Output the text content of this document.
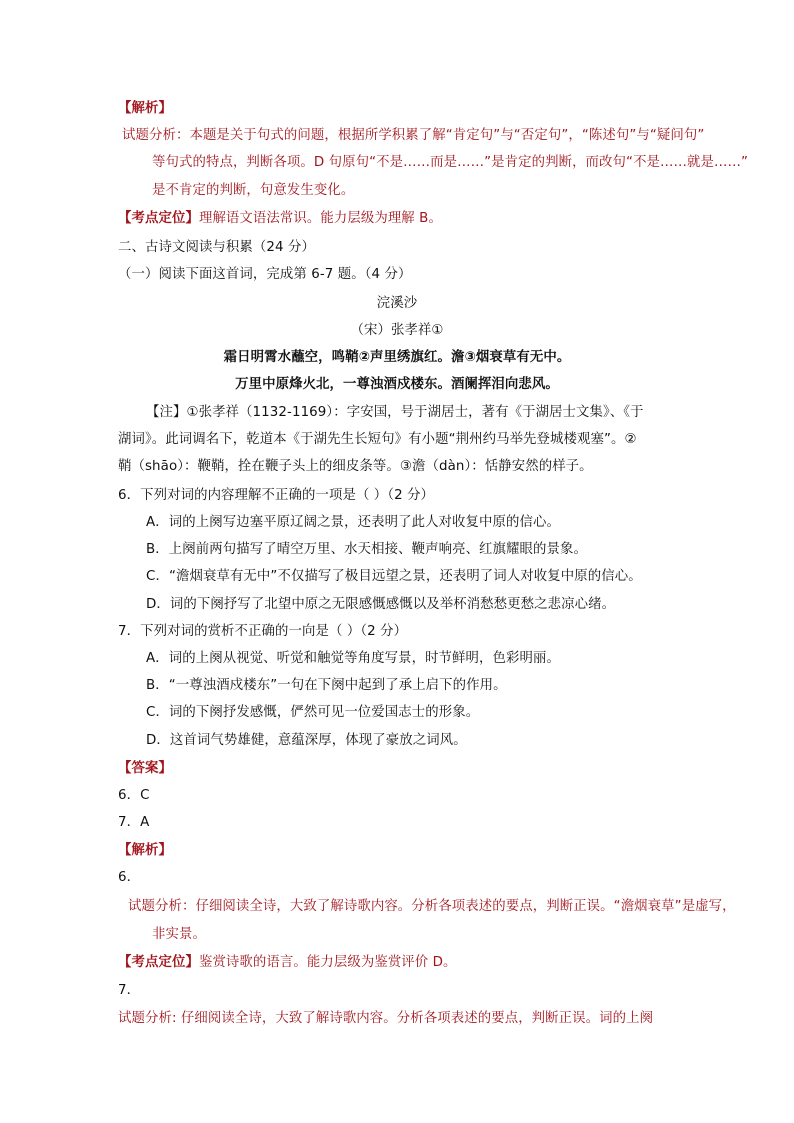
【解析】
试题分析：本题是关于句式的问题，根据所学积累了解“肯定句”与“否定句”，“陈述句”与“疑问句”
等句式的特点，判断各项。D 句原句“不是……而是……”是肯定的判断，而改句“不是……就是……”
是不肯定的判断，句意发生变化。
【考点定位】理解语文语法常识。能力层级为理解 B。
二、古诗文阅读与积累（24 分）
（一）阅读下面这首词，完成第 6-7 题。（4 分）
浣溪沙
（宋）张孝祥①
霜日明霄水蘸空，鸣鞘②声里绣旗红。澹③烟衰草有无中。
万里中原烽火北，一尊浊酒戍楼东。酒阑挥泪向悲风。
【注】①张孝祥（1132-1169）：字安国，号于湖居士，著有《于湖居士文集》、《于
湖词》。此词调名下，乾道本《于湖先生长短句》有小题“荆州约马举先登城楼观塞”。②
鞘（shāo）：鞭鞘，拴在鞭子头上的细皮条等。③澹（dàn）：恬静安然的样子。
6．下列对词的内容理解不正确的一项是（ ）（2 分）
A．词的上阕写边塞平原辽阔之景，还表明了此人对收复中原的信心。
B．上阕前两句描写了晴空万里、水天相接、鞭声响亮、红旗耀眼的景象。
C．“澹烟衰草有无中”不仅描写了极目远望之景，还表明了词人对收复中原的信心。
D．词的下阕抒写了北望中原之无限感慨感慨以及举杯消愁愁更愁之悲凉心绪。
7．下列对词的赏析不正确的一向是（ ）（2 分）
A．词的上阕从视觉、听觉和触觉等角度写景，时节鲜明，色彩明丽。
B．“一尊浊酒戍楼东”一句在下阕中起到了承上启下的作用。
C．词的下阕抒发感慨，俨然可见一位爱国志士的形象。
D．这首词气势雄健，意蕴深厚，体现了豪放之词风。
【答案】
6．C
7．A
【解析】
6．
试题分析：仔细阅读全诗，大致了解诗歌内容。分析各项表述的要点，判断正误。“澹烟衰草”是虚写，
非实景。
【考点定位】鉴赏诗歌的语言。能力层级为鉴赏评价 D。
7．
试题分析: 仔细阅读全诗，大致了解诗歌内容。分析各项表述的要点，判断正误。词的上阕
